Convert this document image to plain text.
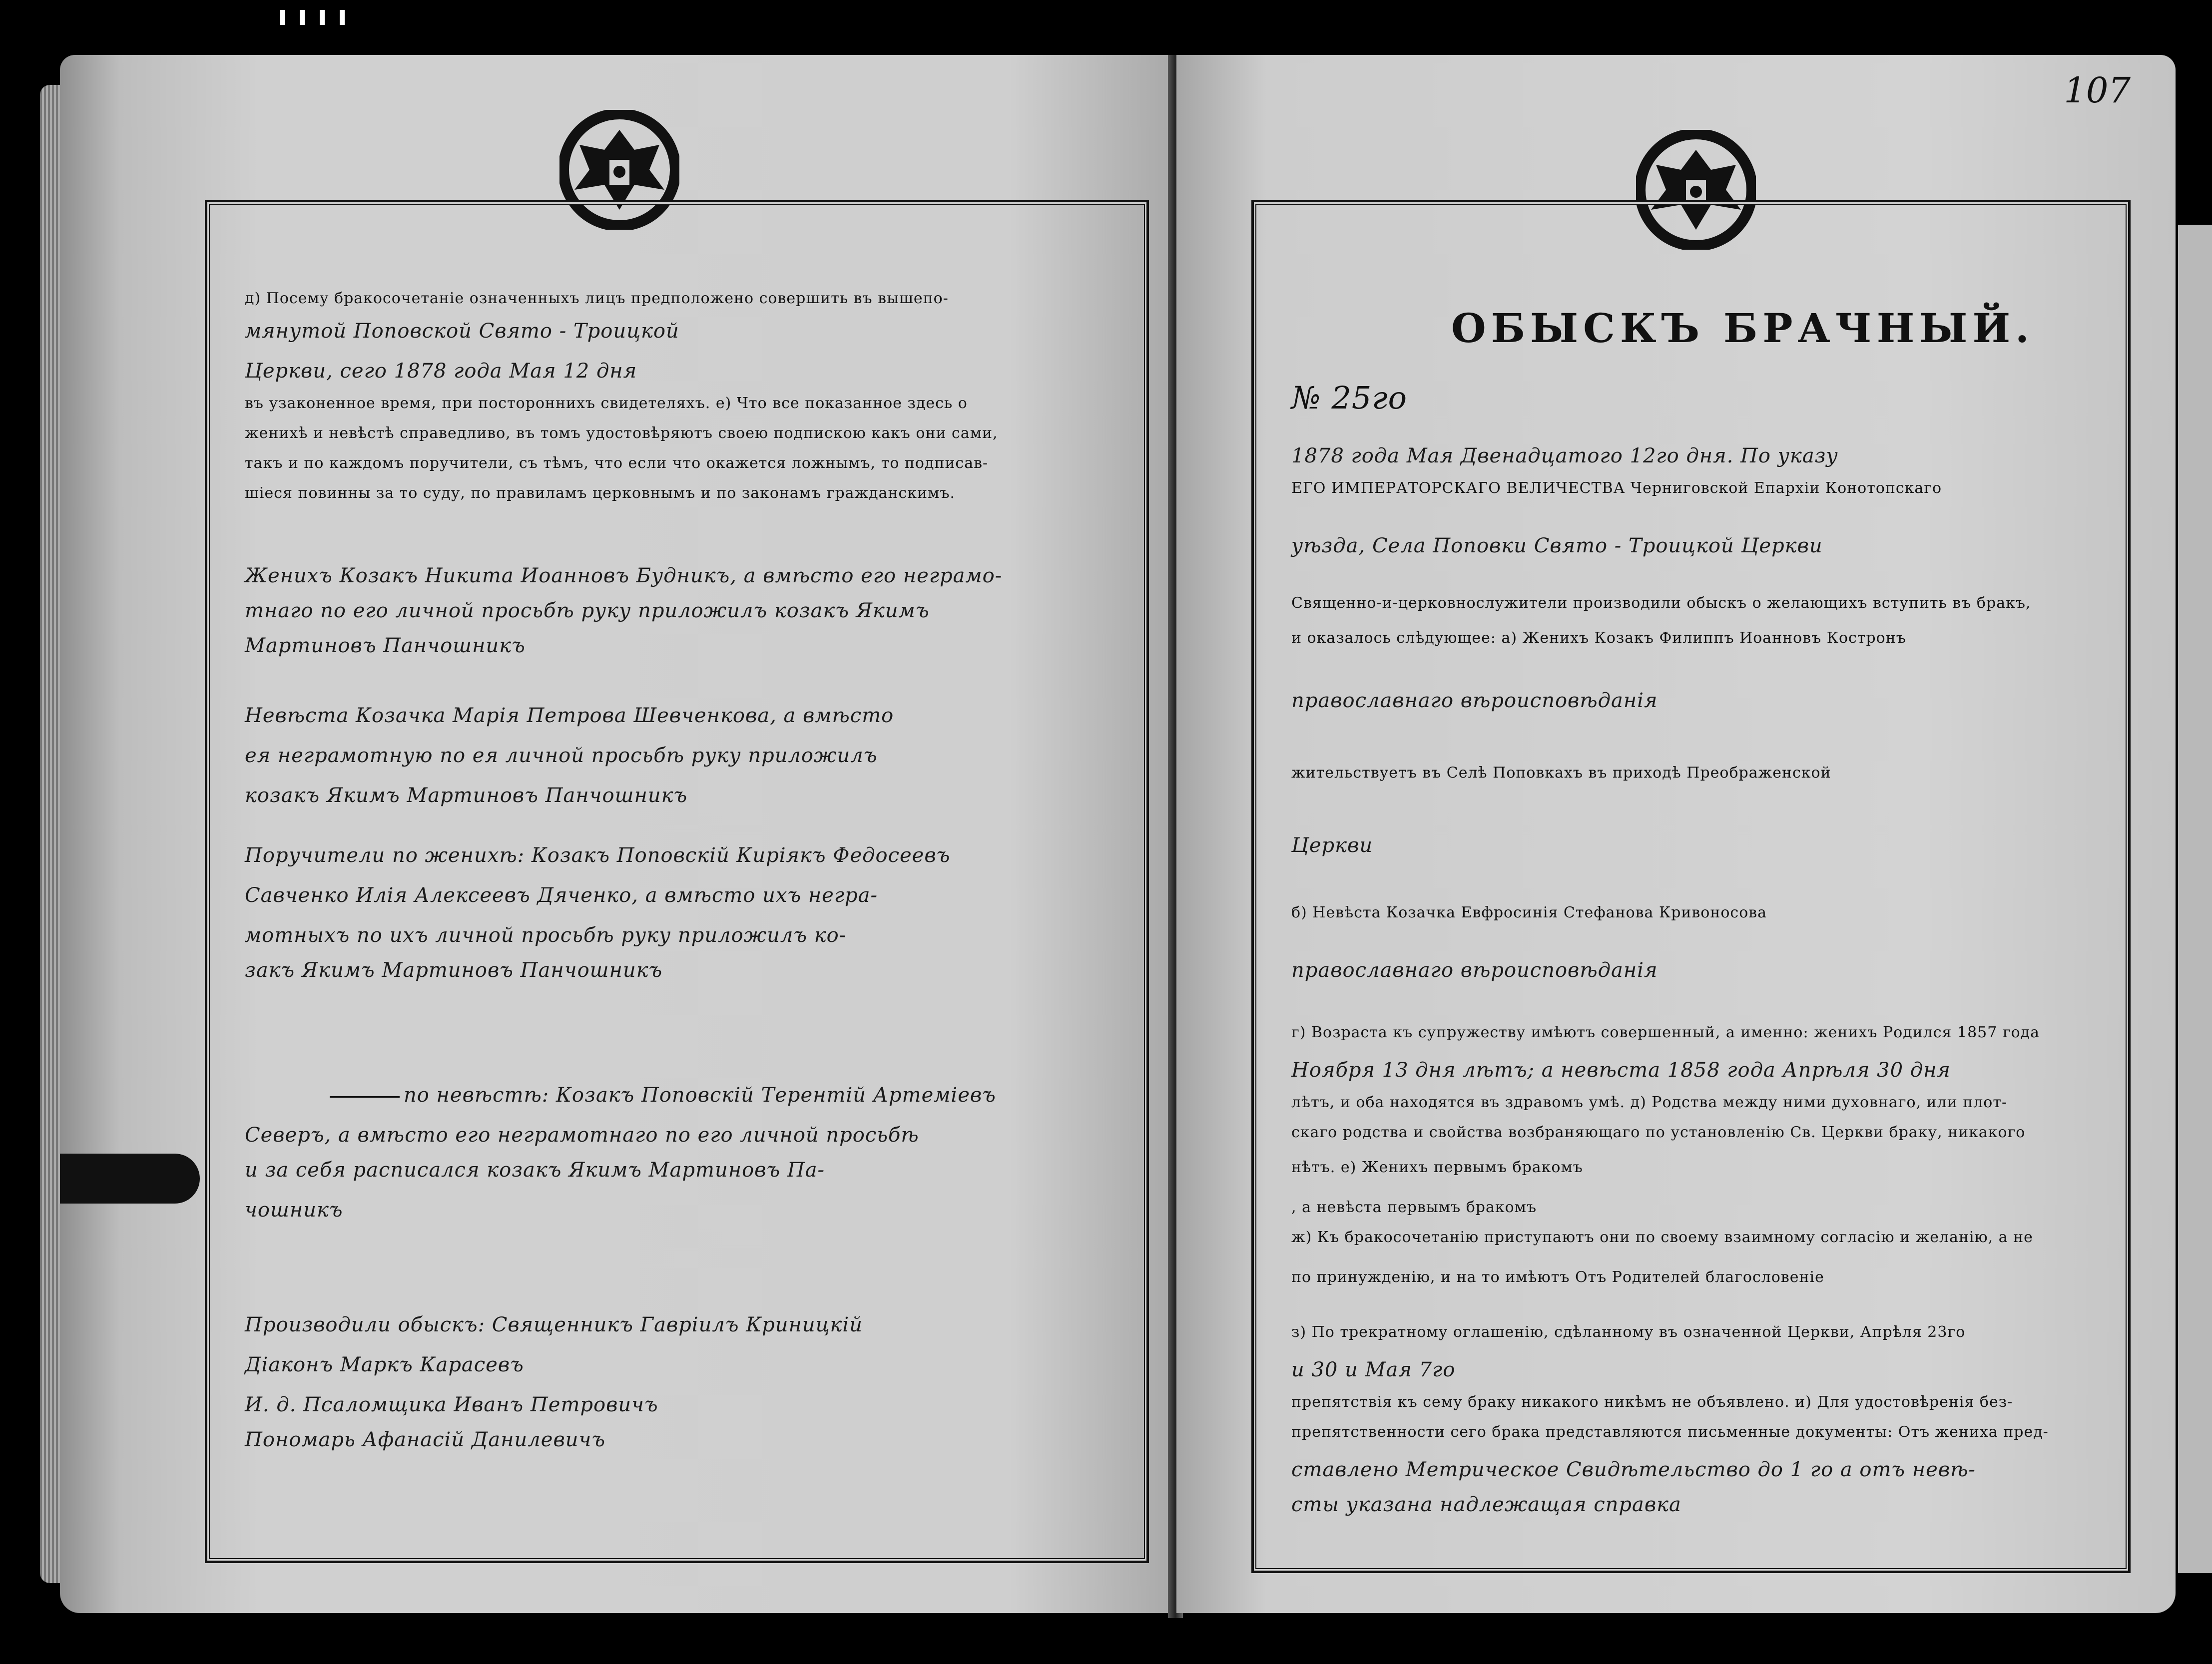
д) Посему бракосочетаніе означенныхъ лицъ предположено совершить въ вышепо-
мянутой Поповской Свято - Троицкой
Церкви, сего 1878 года Мая 12 дня
въ узаконенное время, при постороннихъ свидетеляхъ. е) Что все показанное здесь о
женихѣ и невѣстѣ справедливо, въ томъ удостовѣряютъ своею подпискою какъ они сами,
такъ и по каждомъ поручители, съ тѣмъ, что если что окажется ложнымъ, то подписав-
шіеся повинны за то суду, по правиламъ церковнымъ и по законамъ гражданскимъ.
Женихъ Козакъ Никита Иоанновъ Будникъ, а вмѣсто его неграмо-
тнаго по его личной просьбѣ руку приложилъ козакъ Якимъ
Мартиновъ Панчошникъ
Невѣста Козачка Марія Петрова Шевченкова, а вмѣсто
ея неграмотную по ея личной просьбѣ руку приложилъ
козакъ Якимъ Мартиновъ Панчошникъ
Поручители по женихѣ: Козакъ Поповскій Киріякъ Федосеевъ
Савченко Илія Алексеевъ Дяченко, а вмѣсто ихъ негра-
мотныхъ по ихъ личной просьбѣ руку приложилъ ко-
закъ Якимъ Мартиновъ Панчошникъ
по невѣстѣ: Козакъ Поповскій Терентій Артеміевъ
Северъ, а вмѣсто его неграмотнаго по его личной просьбѣ
и за себя расписался козакъ Якимъ Мартиновъ Па-
чошникъ
Производили обыскъ: Священникъ Гавріилъ Криницкій
Діаконъ Маркъ Карасевъ
И. д. Псаломщика Иванъ Петровичъ
Пономарь Афанасій Данилевичъ
107
ОБЫСКЪ БРАЧНЫЙ.
№ 25го
1878 года Мая Двенадцатого 12го дня. По указу
ЕГО ИМПЕРАТОРСКАГО ВЕЛИЧЕСТВА Черниговской Епархіи Конотопскаго
уѣзда, Села Поповки Свято - Троицкой Церкви
Священно-и-церковнослужители производили обыскъ о желающихъ вступить въ бракъ,
и оказалось слѣдующее: а) Женихъ Козакъ Филиппъ Иоанновъ Костронъ
православнаго вѣроисповѣданія
жительствуетъ въ Селѣ Поповкахъ въ приходѣ Преображенской
Церкви
б) Невѣста Козачка Евфросинія Стефанова Кривоносова
православнаго вѣроисповѣданія
г) Возраста къ супружеству имѣютъ совершенный, а именно: женихъ Родился 1857 года
Ноября 13 дня лѣтъ; а невѣста 1858 года Апрѣля 30 дня
лѣтъ, и оба находятся въ здравомъ умѣ. д) Родства между ними духовнаго, или плот-
скаго родства и свойства возбраняющаго по установленію Св. Церкви браку, никакого
нѣтъ. е) Женихъ первымъ бракомъ
, а невѣста первымъ бракомъ
ж) Къ бракосочетанію приступаютъ они по своему взаимному согласію и желанію, а не
по принужденію, и на то имѣютъ Отъ Родителей благословеніе
з) По трекратному оглашенію, сдѣланному въ означенной Церкви, Апрѣля 23го
и 30 и Мая 7го
препятствія къ сему браку никакого никѣмъ не объявлено. и) Для удостовѣренія без-
препятственности сего брака представляются письменные документы: Отъ жениха пред-
ставлено Метрическое Свидѣтельство до 1 го а отъ невѣ-
сты указана надлежащая справка
